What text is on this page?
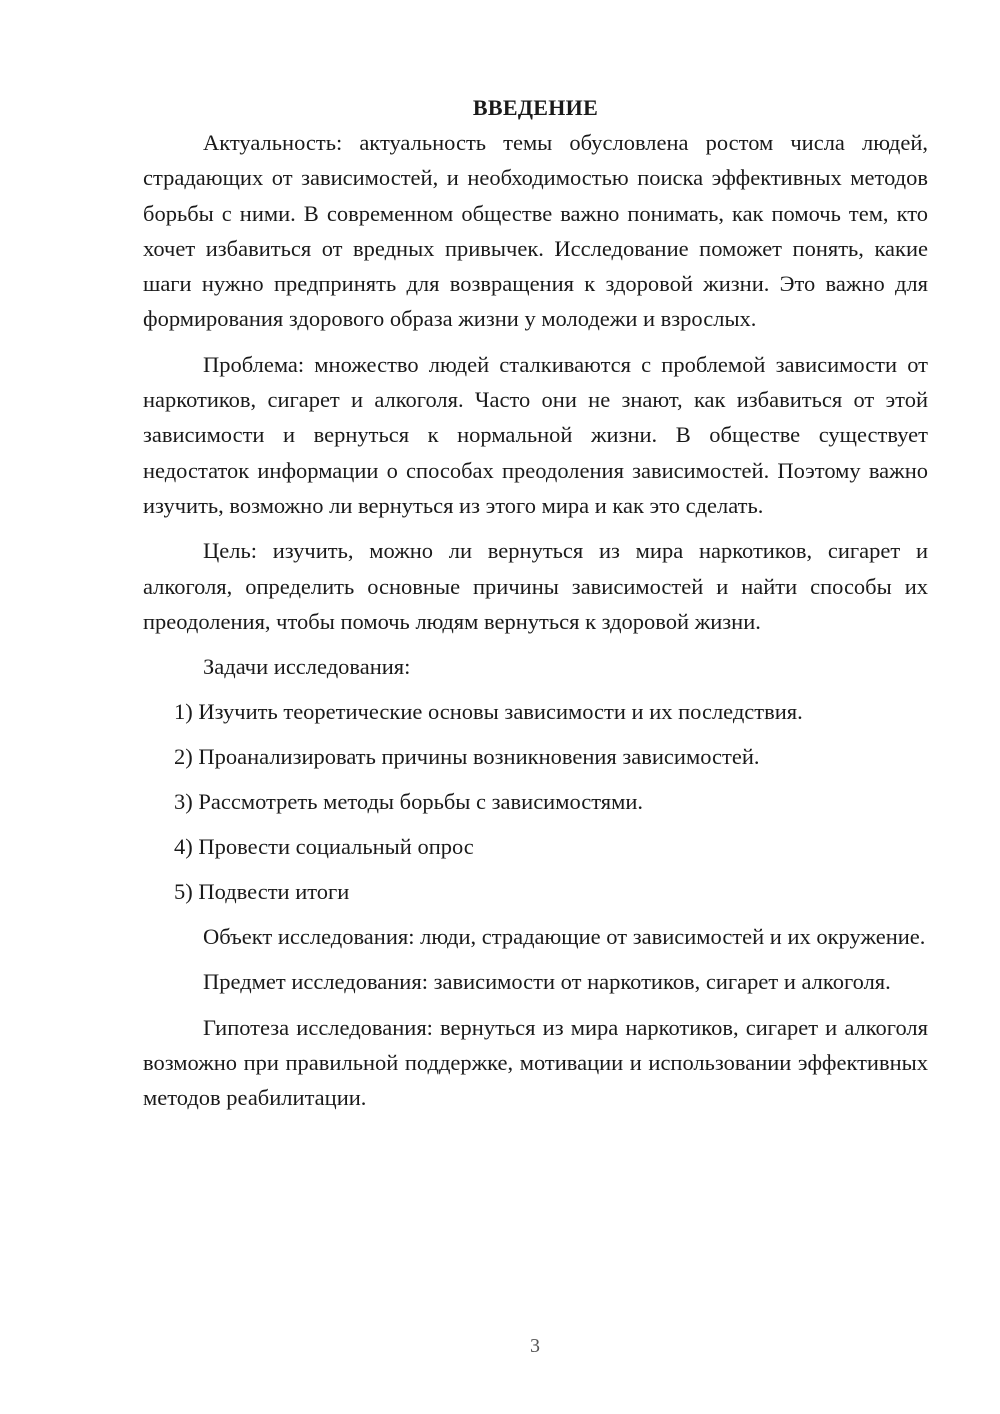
ВВЕДЕНИЕ

Актуальность: актуальность темы обусловлена ростом числа людей, страдающих от зависимостей, и необходимостью поиска эффективных методов борьбы с ними. В современном обществе важно понимать, как помочь тем, кто хочет избавиться от вредных привычек. Исследование поможет понять, какие шаги нужно предпринять для возвращения к здоровой жизни. Это важно для формирования здорового образа жизни у молодежи и взрослых.

Проблема: множество людей сталкиваются с проблемой зависимости от наркотиков, сигарет и алкоголя. Часто они не знают, как избавиться от этой зависимости и вернуться к нормальной жизни. В обществе существует недостаток информации о способах преодоления зависимостей. Поэтому важно изучить, возможно ли вернуться из этого мира и как это сделать.

Цель: изучить, можно ли вернуться из мира наркотиков, сигарет и алкоголя, определить основные причины зависимостей и найти способы их преодоления, чтобы помочь людям вернуться к здоровой жизни.

Задачи исследования:
1) Изучить теоретические основы зависимости и их последствия.
2) Проанализировать причины возникновения зависимостей.
3) Рассмотреть методы борьбы с зависимостями.
4) Провести социальный опрос
5) Подвести итоги

Объект исследования: люди, страдающие от зависимостей и их окружение.

Предмет исследования: зависимости от наркотиков, сигарет и алкоголя.

Гипотеза исследования: вернуться из мира наркотиков, сигарет и алкоголя возможно при правильной поддержке, мотивации и использовании эффективных методов реабилитации.

3
